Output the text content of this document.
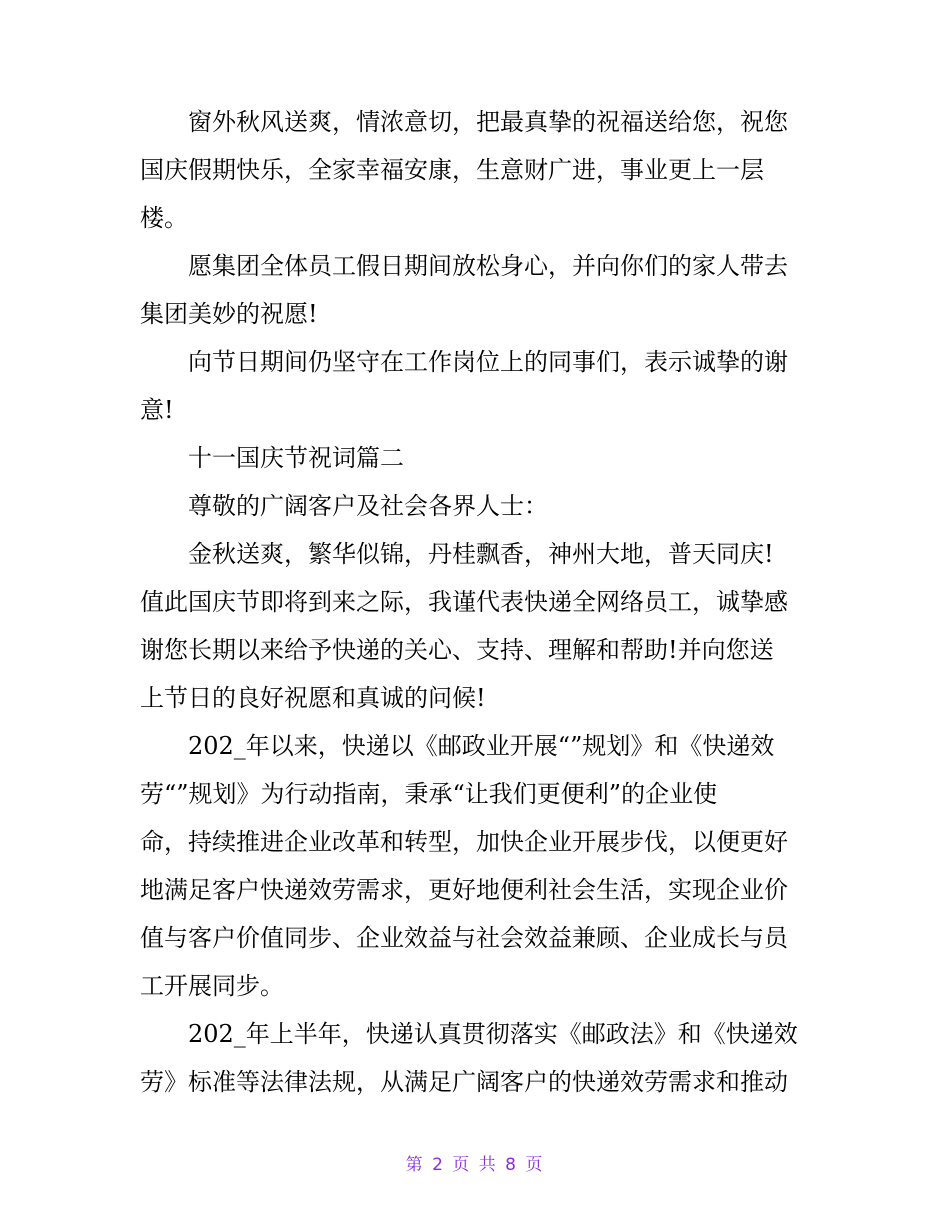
窗外秋风送爽，情浓意切，把最真挚的祝福送给您，祝您
国庆假期快乐，全家幸福安康，生意财广进，事业更上一层
楼。
愿集团全体员工假日期间放松身心，并向你们的家人带去
集团美妙的祝愿!
向节日期间仍坚守在工作岗位上的同事们，表示诚挚的谢
意!
十一国庆节祝词篇二
尊敬的广阔客户及社会各界人士：
金秋送爽，繁华似锦，丹桂飘香，神州大地，普天同庆!
值此国庆节即将到来之际，我谨代表快递全网络员工，诚挚感
谢您长期以来给予快递的关心、支持、理解和帮助!并向您送
上节日的良好祝愿和真诚的问候!
202_年以来，快递以《邮政业开展“”规划》和《快递效
劳“”规划》为行动指南，秉承“让我们更便利”的企业使
命，持续推进企业改革和转型，加快企业开展步伐，以便更好
地满足客户快递效劳需求，更好地便利社会生活，实现企业价
值与客户价值同步、企业效益与社会效益兼顾、企业成长与员
工开展同步。
202_年上半年，快递认真贯彻落实《邮政法》和《快递效
劳》标准等法律法规，从满足广阔客户的快递效劳需求和推动
第 2 页 共 8 页
